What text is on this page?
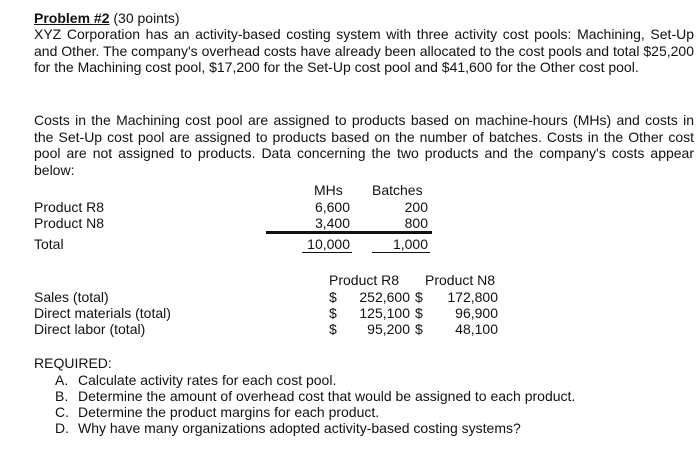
Problem #2 (30 points)
XYZ Corporation has an activity-based costing system with three activity cost pools: Machining, Set-Up and Other. The company's overhead costs have already been allocated to the cost pools and total $25,200 for the Machining cost pool, $17,200 for the Set-Up cost pool and $41,600 for the Other cost pool.
Costs in the Machining cost pool are assigned to products based on machine-hours (MHs) and costs in the Set-Up cost pool are assigned to products based on the number of batches. Costs in the Other cost pool are not assigned to products. Data concerning the two products and the company's costs appear below:
MHs Batches
Product R8	6,600	200
Product N8	3,400	800
Total	10,000	1,000
Product R8 Product N8
Sales (total)	$	252,600 $	172,800
Direct materials (total)	$	125,100 $	96,900
Direct labor (total)	$	95,200 $	48,100
REQUIRED:
A. Calculate activity rates for each cost pool.
B. Determine the amount of overhead cost that would be assigned to each product.
C. Determine the product margins for each product.
D. Why have many organizations adopted activity-based costing systems?
